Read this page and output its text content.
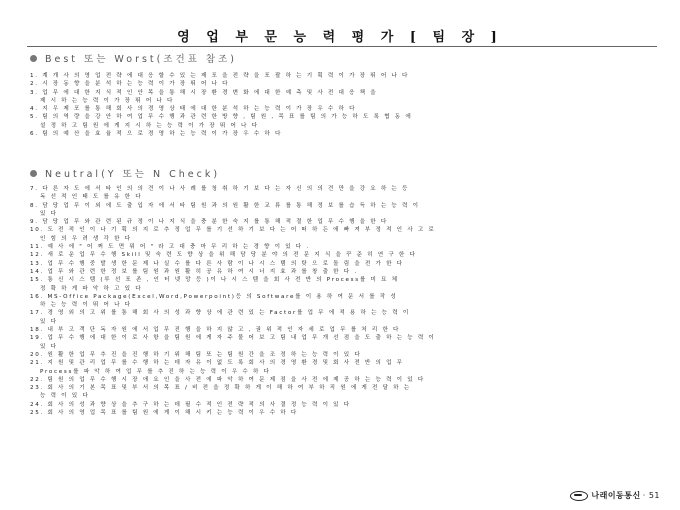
영 업 부 문 능 력 평 가 [ 팀 장 ]
Best 또는 Worst(조건표 참조)
1. 계 개 사 의 영 업 전 략 에 대 응 할 수 있 는 제 포 을 전 략 을 포 괄 하 는 기 획 력 이 가 장 뛰 어 나 다
2. 시 장 동 향 을 분 석 하 는 능 력 이 가 장 뛰 어 나 다
3. 업 무 에 대 한 지 식 적 인 안 목 을 통 해 시 장 환 경 변 화 에 대 한 예 측 및 사 전 대 응 책 을
제 시 하 는 능 력 이 가 장 뛰 어 나 다
4. 지 우 제 포 를 통 해 회 사 의 경 영 상 태 에 대 한 분 석 하 는 능 력 이 가 장 우 수 하 다
5. 팀 의 역 량 을 강 안 하 여 업 무 수 행 과 관 련 한 방 향 , 팀 원 , 목 표 를 팀 의 가 능 하 도 록 협 동 에
설 정 하 고 팀 원 에 게 지 시 하 는 능 력 이 가 장 뛰 어 나 다
6. 팀 의 예 산 을 효 율 적 으 로 경 영 하 는 능 력 이 가 장 우 수 하 다
Neutral(Y 또는 N Check)
7. 다 른 자 도 에 서 타 인 의 의 견 이 나 사 례 를 청 취 하 기 보 다 는 자 신 의 의 견 만 을 강 요 하 는 등
독 선 적 인 태 도 를 유 한 다
8. 담 당 업 무 이 외 에 도 출 입 자 에 서 타 팀 원 과 의 원 활 한 교 류 를 통 해 정 보 를 습 득 하 는 능 력 이
있 다
9. 담 당 업 무 와 관 련 된 규 정 이 나 지 식 을 충 분 한 숙 지 를 통 해 적 절 한 업 무 수 행 을 한 다
10. 도 전 적 인 이 나 기 획 의 지 로 추 정 업 무 를 기 선 하 기 보 다 는 어 떠 하 든 에 빠 져 부 정 적 인 사 고 로
인 힘 의 우 려 생 각 한 다
11. 예 사 에 " 어 쩌 도 면 뭐 어 " 라 고 대 충 마 무 리 하 는 경 향 이 있 다 .
12. 새 로 운 업 무 수 행 Skill 및 숙 련 도 향 상 을 위 해 담 당 분 야 의 전 문 지 식 을 꾸 준 히 연 구 한 다
13. 업 무 수 행 중 발 생 한 문 제 나 실 수 를 다 른 사 람 이 나 시 스 템 의 탓 으 로 돌 림 을 전 가 한 다
14. 업 무 와 관 련 한 정 보 를 팀 원 과 원 활 히 공 유 하 여 시 너 지 효 과 를 창 출 한 다 .
15. 통 신 시 스 템 (루 선 포 존 , 인 터 넷 망 등 )이 나 시 스 템 을 회 사 전 반 의 Process를 미 묘 체
정 확 하 게 파 악 하 고 있 다
16. MS-Office Package(Excel,Word,Powerpoint)등 의 Software를 이 용 하 여 문 서 를 작 성
하 는 능 력 이 뛰 어 나 다
17. 경 영 외 의 고 위 를 통 해 회 사 의 성 과 향 상 에 관 련 있 는 Factor를 업 무 에 적 용 하 는 능 력 이
있 다
18. 내 부 고 객 단 독 자 원 에 서 업 무 진 행 을 하 지 않 고 , 권 위 적 인 자 세 로 업 무 를 처 리 한 다
19. 업 무 수 행 에 대 한 이 로 사 항 을 팀 원 에 게 자 주 물 어 보 고 팀 내 업 무 개 선 점 을 도 출 하 는 능 력 이
있 다
20. 원 활 한 업 무 추 진 을 진 행 하 기 위 해 팀 또 는 팀 원 간 을 조 정 하 는 능 력 이 있 다
21. 지 원 및 관 리 업 무 를 수 행 하 는 데 자 유 이 없 도 록 회 사 의 경 영 환 경 및 회 사 전 반 의 업 무
Process를 파 악 하 여 업 무 를 추 진 하 는 능 력 이 우 수 하 다
22. 팀 원 의 업 무 수 행 시 장 애 요 인 을 사 전 에 파 악 하 여 문 제 점 을 사 전 에 제 공 하 는 능 력 이 있 다
23. 회 사 의 기 본 목 표 및 부 서 의 목 표 / 비 전 을 정 확 하 게 이 해 하 여 부 하 직 원 에 게 전 달 하 는
능 력 이 있 다
24. 회 사 의 성 과 향 상 을 추 구 하 는 데 필 수 적 인 전 략 적 의 사 결 정 능 력 이 있 다
25. 회 사 의 영 업 목 표 를 팀 원 에 게 이 해 시 키 는 능 력 이 우 수 하 다
나래이동통신 · 51
